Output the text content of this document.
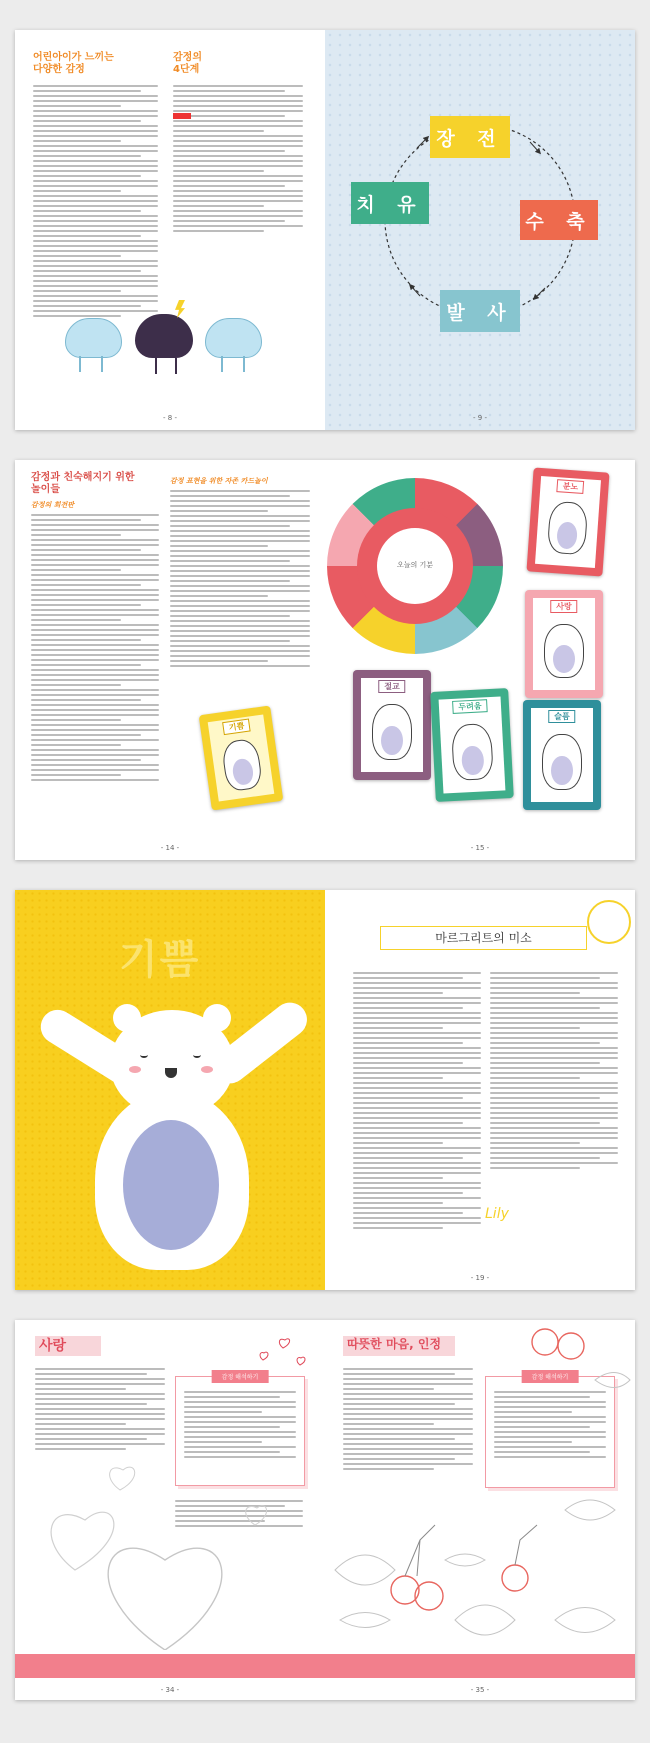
어린아이가 느끼는
다양한 감정
감정의
4단계
- 8 -
장 전
수 축
발 사
치 유
- 9 -
감정과 친숙해지기 위한
놀이들
감정의 회전판
감정 표현을 위한 자존 카드놀이
기쁨
- 14 -
오늘의 기분
분노
사랑
절교
두려움
슬픔
- 15 -
기쁨	마르그리트의 미소
Lily
- 19 -
사랑
감정 해석하기
- 34 -
따뜻한 마음, 인정
감정 해석하기
- 35 -
